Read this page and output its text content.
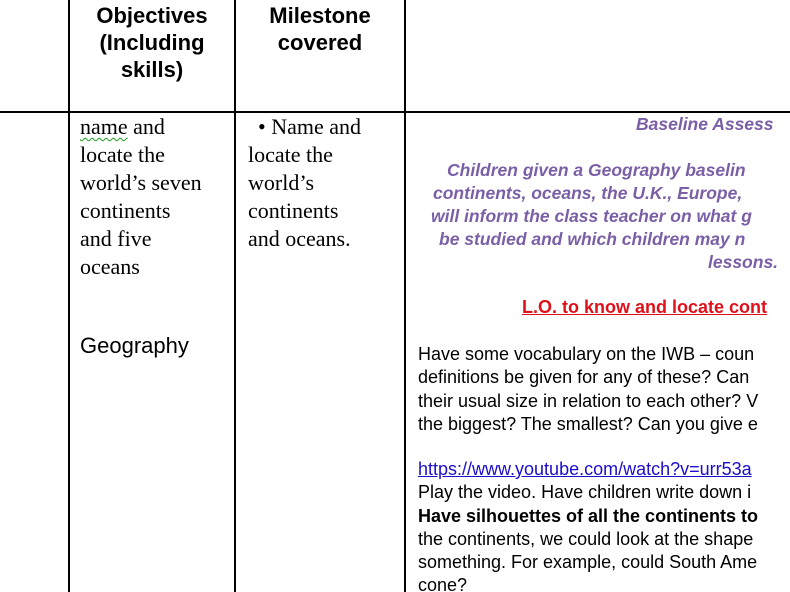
Objectives
(Including
skills)
Milestone
covered
name and
locate the
world’s seven
continents
and five
oceans
Geography
• Name and
locate the
world’s
continents
and oceans.
Baseline Assess
Children given a Geography baselin
continents, oceans, the U.K., Europe,
will inform the class teacher on what g
be studied and which children may n
lessons.
L.O. to know and locate cont
Have some vocabulary on the IWB – coun
definitions be given for any of these? Can
their usual size in relation to each other? V
the biggest? The smallest? Can you give e
https://www.youtube.com/watch?v=urr53a
Play the video. Have children write down i
Have silhouettes of all the continents to
the continents, we could look at the shape
something. For example, could South Ame
cone?
